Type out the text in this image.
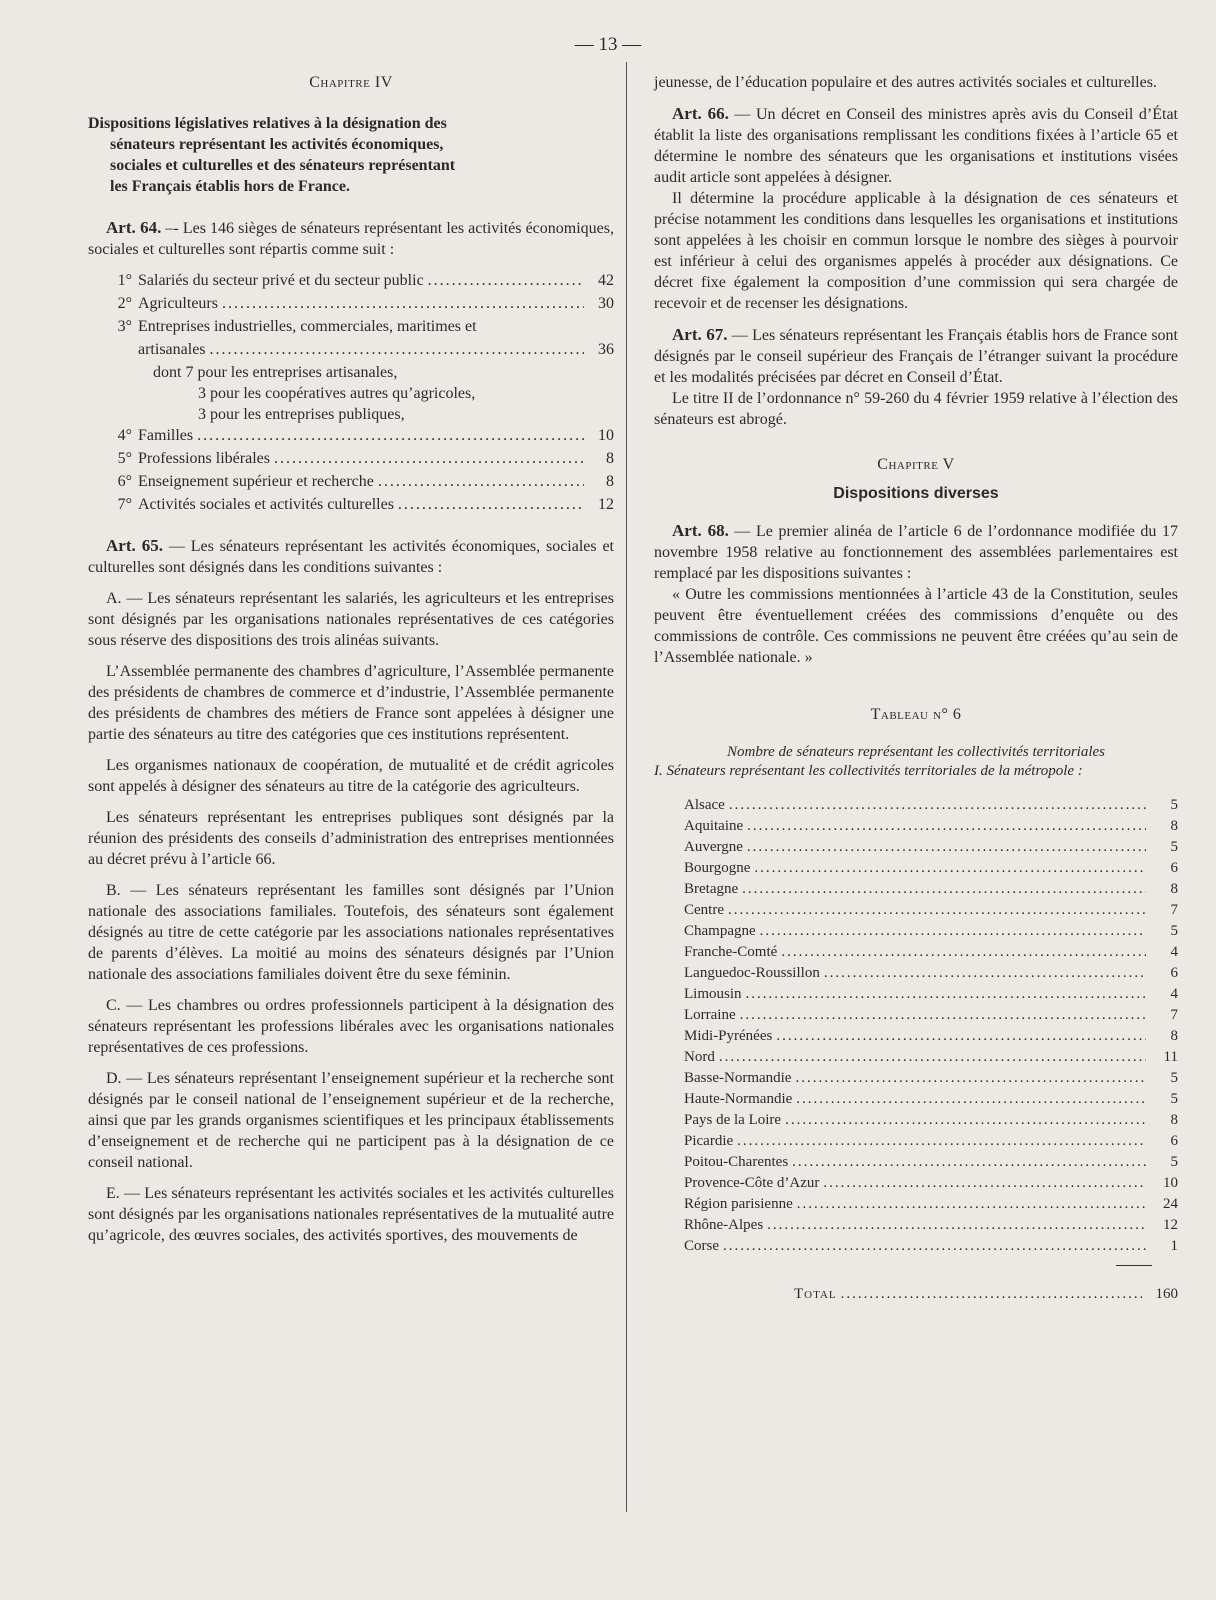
— 13 —
Chapitre IV
Dispositions législatives relatives à la désignation des
sénateurs représentant les activités économiques,
sociales et culturelles et des sénateurs représentant
les Français établis hors de France.

Art. 64. –- Les 146 sièges de sénateurs représentant les activités économiques, sociales et culturelles sont répartis comme suit :

1° Salariés du secteur privé et du secteur public .....	42
2° Agriculteurs .....	30
3° Entreprises industrielles, commerciales, maritimes et
artisanales .....	36
dont 7 pour les entreprises artisanales,
3 pour les coopératives autres qu’agricoles,
3 pour les entreprises publiques,
4° Familles .....	10
5° Professions libérales .....	8
6° Enseignement supérieur et recherche .....	8
7° Activités sociales et activités culturelles .....	12

Art. 65. — Les sénateurs représentant les activités économiques, sociales et culturelles sont désignés dans les conditions suivantes :

A. — Les sénateurs représentant les salariés, les agriculteurs et les entreprises sont désignés par les organisations nationales représentatives de ces catégories sous réserve des dispositions des trois alinéas suivants.

L’Assemblée permanente des chambres d’agriculture, l’Assemblée permanente des présidents de chambres de commerce et d’industrie, l’Assemblée permanente des présidents de chambres des métiers de France sont appelées à désigner une partie des sénateurs au titre des catégories que ces institutions représentent.

Les organismes nationaux de coopération, de mutualité et de crédit agricoles sont appelés à désigner des sénateurs au titre de la catégorie des agriculteurs.

Les sénateurs représentant les entreprises publiques sont désignés par la réunion des présidents des conseils d’administration des entreprises mentionnées au décret prévu à l’article 66.

B. — Les sénateurs représentant les familles sont désignés par l’Union nationale des associations familiales. Toutefois, des sénateurs sont également désignés au titre de cette catégorie par les associations nationales représentatives de parents d’élèves. La moitié au moins des sénateurs désignés par l’Union nationale des associations familiales doivent être du sexe féminin.

C. — Les chambres ou ordres professionnels participent à la désignation des sénateurs représentant les professions libérales avec les organisations nationales représentatives de ces professions.

D. — Les sénateurs représentant l’enseignement supérieur et la recherche sont désignés par le conseil national de l’enseignement supérieur et de la recherche, ainsi que par les grands organismes scientifiques et les principaux établissements d’enseignement et de recherche qui ne participent pas à la désignation de ce conseil national.

E. — Les sénateurs représentant les activités sociales et les activités culturelles sont désignés par les organisations nationales représentatives de la mutualité autre qu’agricole, des œuvres sociales, des activités sportives, des mouvements de

jeunesse, de l’éducation populaire et des autres activités sociales et culturelles.

Art. 66. — Un décret en Conseil des ministres après avis du Conseil d’État établit la liste des organisations remplissant les conditions fixées à l’article 65 et détermine le nombre des sénateurs que les organisations et institutions visées audit article sont appelées à désigner.

Il détermine la procédure applicable à la désignation de ces sénateurs et précise notamment les conditions dans lesquelles les organisations et institutions sont appelées à les choisir en commun lorsque le nombre des sièges à pourvoir est inférieur à celui des organismes appelés à procéder aux désignations. Ce décret fixe également la composition d’une commission qui sera chargée de recevoir et de recenser les désignations.

Art. 67. — Les sénateurs représentant les Français établis hors de France sont désignés par le conseil supérieur des Français de l’étranger suivant la procédure et les modalités précisées par décret en Conseil d’État.

Le titre II de l’ordonnance n° 59-260 du 4 février 1959 relative à l’élection des sénateurs est abrogé.

Chapitre V
Dispositions diverses

Art. 68. — Le premier alinéa de l’article 6 de l’ordonnance modifiée du 17 novembre 1958 relative au fonctionnement des assemblées parlementaires est remplacé par les dispositions suivantes :

« Outre les commissions mentionnées à l’article 43 de la Constitution, seules peuvent être éventuellement créées des commissions d’enquête ou des commissions de contrôle. Ces commissions ne peuvent être créées qu’au sein de l’Assemblée nationale. »

Tableau n° 6

Nombre de sénateurs représentant les collectivités territoriales

I. Sénateurs représentant les collectivités territoriales de la métropole :

Alsace .....	5
Aquitaine .....	8
Auvergne .....	5
Bourgogne .....	6
Bretagne .....	8
Centre .....	7
Champagne .....	5
Franche-Comté .....	4
Languedoc-Roussillon .....	6
Limousin .....	4
Lorraine .....	7
Midi-Pyrénées .....	8
Nord .....	11
Basse-Normandie .....	5
Haute-Normandie .....	5
Pays de la Loire .....	8
Picardie .....	6
Poitou-Charentes .....	5
Provence-Côte d’Azur .....	10
Région parisienne .....	24
Rhône-Alpes .....	12
Corse .....	1
Total .....	160
